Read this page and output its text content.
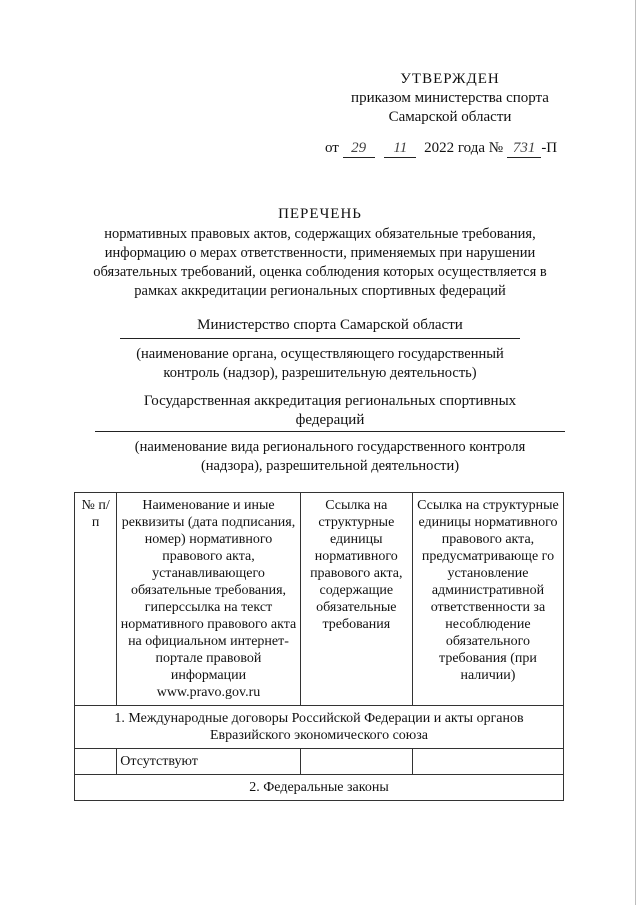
УТВЕРЖДЕН
приказом министерства спорта
Самарской области
от 29 11 2022 года № 731 -П
ПЕРЕЧЕНЬ
нормативных правовых актов, содержащих обязательные требования,
информацию о мерах ответственности, применяемых при нарушении
обязательных требований, оценка соблюдения которых осуществляется в
рамках аккредитации региональных спортивных федераций
Министерство спорта Самарской области
(наименование органа, осуществляющего государственный
контроль (надзор), разрешительную деятельность)
Государственная аккредитация региональных спортивных
федераций
(наименование вида регионального государственного контроля
(надзора), разрешительной деятельности)
№ п/п	Наименование и иные реквизиты (дата подписания, номер) нормативного правового акта, устанавливающего обязательные требования, гиперссылка на текст нормативного правового акта на официальном интернет-портале правовой информации www.pravo.gov.ru	Ссылка на структурные единицы нормативного правового акта, содержащие обязательные требования	Ссылка на структурные единицы нормативного правового акта, предусматривающе го установление административной ответственности за несоблюдение обязательного требования (при наличии)
1. Международные договоры Российской Федерации и акты органов Евразийского экономического союза			
	Отсутствуют		
2. Федеральные законы			
